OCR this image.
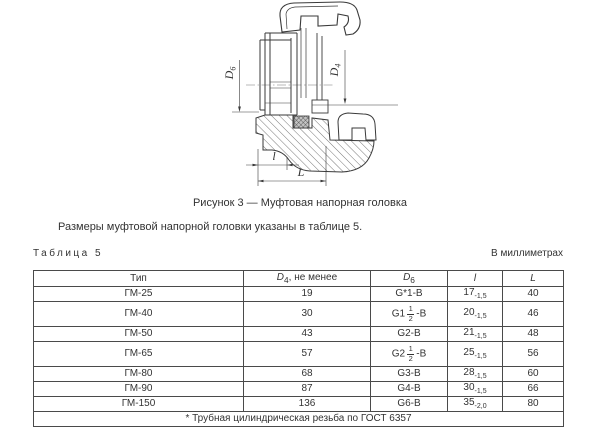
$D_6$	$D_4$
l
L
Рисунок 3 — Муфтовая напорная головка
Размеры муфтовой напорной головки указаны в таблице 5.
Таблица 5	В миллиметрах
Тип	$D_4$, не менее	$D_6$	l	L
ГМ-25	19	G*1-В	$17_{-1,5}$	40
ГМ-40	30	$G1 \frac{1}{2} -В$	$20_{-1,5}$	46
ГМ-50	43	G2-В	$21_{-1,5}$	48
ГМ-65	57	$G2 \frac{1}{2} -В$	$25_{-1,5}$	56
ГМ-80	68	G3-В	$28_{-1,5}$	60
ГМ-90	87	G4-В	$30_{-1,5}$	66
ГМ-150	136	G6-В	$35_{-2,0}$	80
* Трубная цилиндрическая резьба по ГОСТ 6357				
